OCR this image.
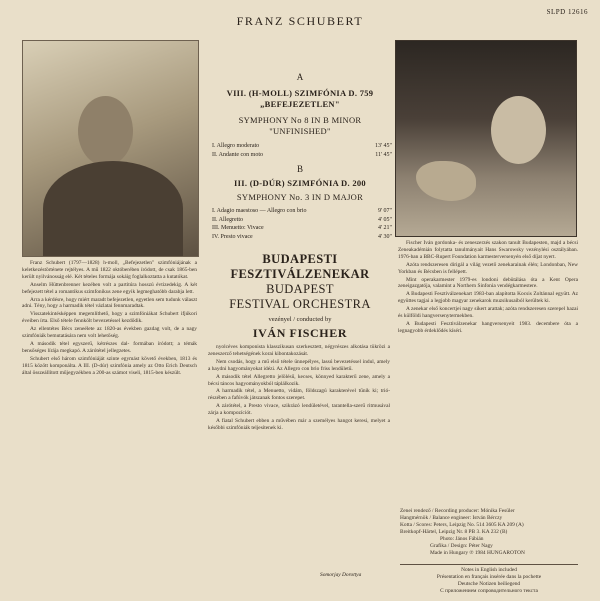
SLPD 12616
FRANZ SCHUBERT
A
VIII. (H-MOLL) SZIMFÓNIA D. 759
„BEFEJEZETLEN"
SYMPHONY No 8 IN B MINOR
"UNFINISHED"
I. Allegro moderato	13' 45"
II. Andante con moto	11' 45"
B
III. (D-DÚR) SZIMFÓNIA D. 200
SYMPHONY No. 3 IN D MAJOR
I. Adagio maestoso — Allegro con brio	9' 07"
II. Allegretto	4' 05"
III. Menuetto: Vivace	4' 21"
IV. Presto vivace	4' 30"
BUDAPESTI
FESZTIVÁLZENEKAR
BUDAPEST
FESTIVAL ORCHESTRA
vezényel / conducted by
IVÁN FISCHER

Franz Schubert (1797—1828) h-moll, „Befejezetlen" szimfóniájának a keletkezéstörténete rejtélyes. A mű 1822 októberében íródott, de csak 1865-ben került nyilvánosság elé. Két tételes formája sokáig foglalkoztatta a kutatókat.

Anselm Hüttenbrenner kezében volt a partitúra hosszú évtizedekig. A két befejezett tétel a romantikus szimfonikus zene egyik legmeghatóbb darabja lett.

Arra a kérdésre, hogy miért maradt befejezetlen, egyetlen sem tudunk választ adni. Tény, hogy a harmadik tétel vázlatai fennmaradtak.

Visszatekintésképpen megemlíthető, hogy a szimfóniákat Schubert ifjúkori éveiben írta. Első tétele fennkölt bevezetéssel kezdődik.

Az ellentétes Bécs zeneélete az 1820-as években gazdag volt, de a nagy szimfóniák bemutatására nem volt lehetőség.

A második tétel egyszerű, kétrészes dal- formában íródott; a témák bensőséges lírája megkapó. A zárótétel jellegzetes.

Schubert első három szimfóniáját szinte egymást követő években, 1813 és 1815 között komponálta. A III. (D-dúr) szimfónia amely az Otto Erich Deutsch által összeállított műjegyzékben a 200-as számot viseli, 1815-ben készült.

nyolcéves komponista klasszikusan szerkesztett, négyrészes alkotása tükrözi a zeneszerző tehetségének korai kibontakozását.

Nem csodás, hogy a mű első tétele ünnepélyes, lassú bevezetéssel indul, amely a haydni hagyományokat idézi. Az Allegro con brio friss lendületű.

A második tétel Allegretto jelölésű, kecses, könnyed karakterű zene, amely a bécsi táncos hagyományokból táplálkozik.

A harmadik tétel, a Menuetto, vidám, földszagú karakterével tűnik ki; trió-részében a fafúvók játszanak fontos szerepet.

A zárótétel, a Presto vivace, szikrázó lendületével, tarantella-szerű ritmusával zárja a kompozíciót.

A fiatal Schubert ebben a művében már a személyes hangot keresi, melyet a későbbi szimfóniák teljesítenek ki.

Somorjay Dorottya

Fischer Iván gordonka- és zeneszerzés szakon tanult Budapesten, majd a bécsi Zeneakadémián folytatta tanulmányait Hans Swarowsky vezénylési osztályában. 1976-ban a BBC-Rupert Foundation karmesterversenyén első díjat nyert.

Azóta rendszeresen dirigál a világ vezető zenekarainak élén; Londonban, New Yorkban és Bécsben is fellépett.

Mint operakarmester 1979-es londoni debütálása óta a Kent Opera zeneigazgatója, valamint a Northern Sinfonia vendégkarmestere.

A Budapesti Fesztiválzenekart 1983-ban alapította Kocsis Zoltánnal együtt. Az együttes tagjai a legjobb magyar zenekarok muzsikusaiból kerültek ki.

A zenekar első koncertjei nagy sikert arattak; azóta rendszeresen szerepel hazai és külföldi hangversenytermekben.

A Budapesti Fesztiválzenekar hangversenyeit 1983. decembere óta a legnagyobb érdeklődés kíséri.

Zenei rendező / Recording producer: Mónika Fesüler
Hangmérnök / Balance engineer: István Bérczy
Kotta / Scores: Peters, Leipzig No. 514 3605 KA 209 (A)
Breitkopf-Härtel, Leipzig Nr. 8 PB 3. KA 232 (B)
Photo: János Fábián
Grafika / Design: Péter Nagy
Made in Hungary ℗ 1984 HUNGAROTON
Notes in English included
Présentation en français insérée dans la pochette
Deutsche Notizen beiliegend
С приложением сопроводительного текста
